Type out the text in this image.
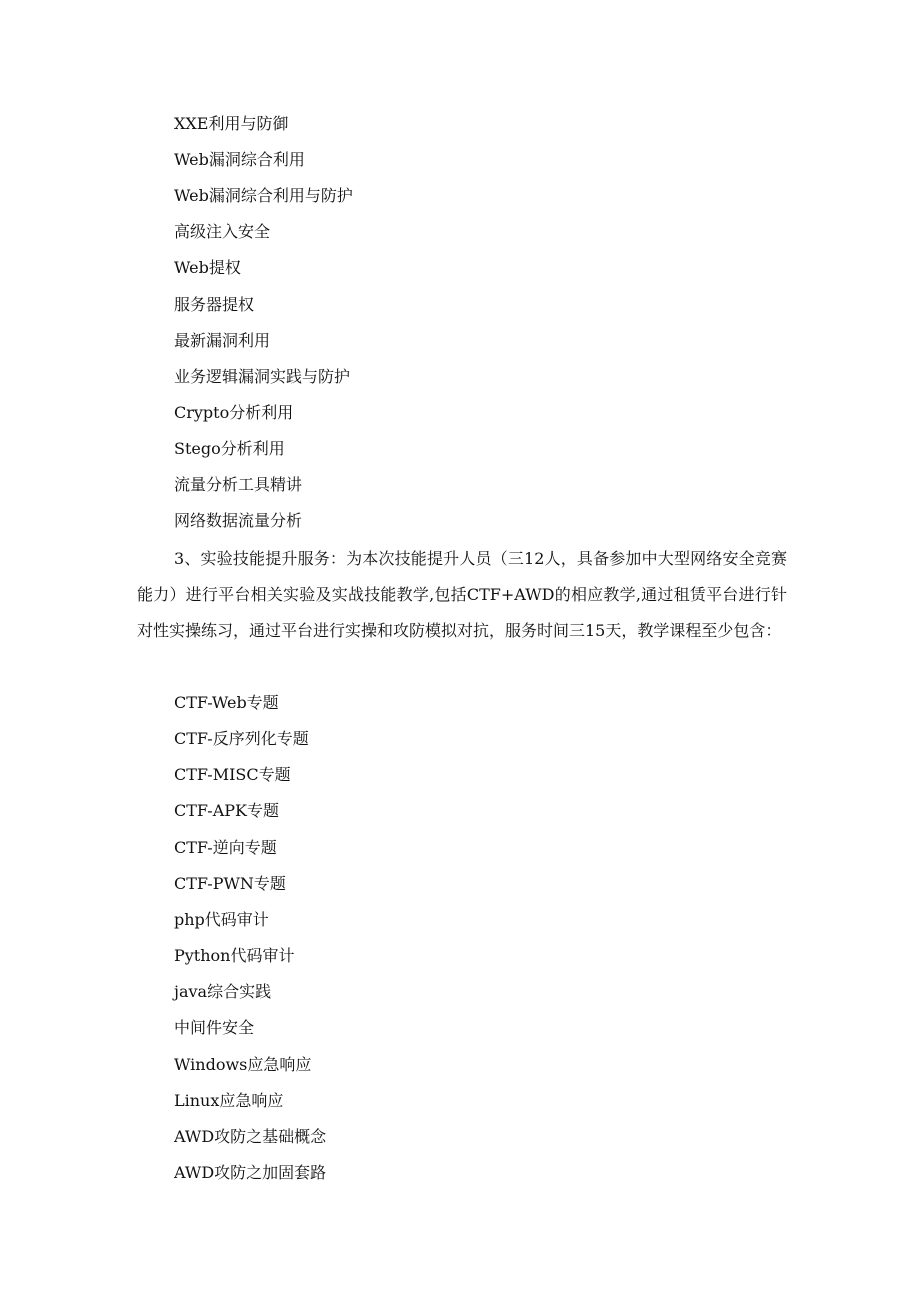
XXE利用与防御
Web漏洞综合利用
Web漏洞综合利用与防护
高级注入安全
Web提权
服务器提权
最新漏洞利用
业务逻辑漏洞实践与防护
Crypto分析利用
Stego分析利用
流量分析工具精讲
网络数据流量分析
3、实验技能提升服务：为本次技能提升人员（三12人，具备参加中大型网络安全竞赛能力）进行平台相关实验及实战技能教学,包括CTF+AWD的相应教学,通过租赁平台进行针对性实操练习，通过平台进行实操和攻防模拟对抗，服务时间三15天，教学课程至少包含：
CTF-Web专题
CTF-反序列化专题
CTF-MISC专题
CTF-APK专题
CTF-逆向专题
CTF-PWN专题
php代码审计
Python代码审计
java综合实践
中间件安全
Windows应急响应
Linux应急响应
AWD攻防之基础概念
AWD攻防之加固套路
